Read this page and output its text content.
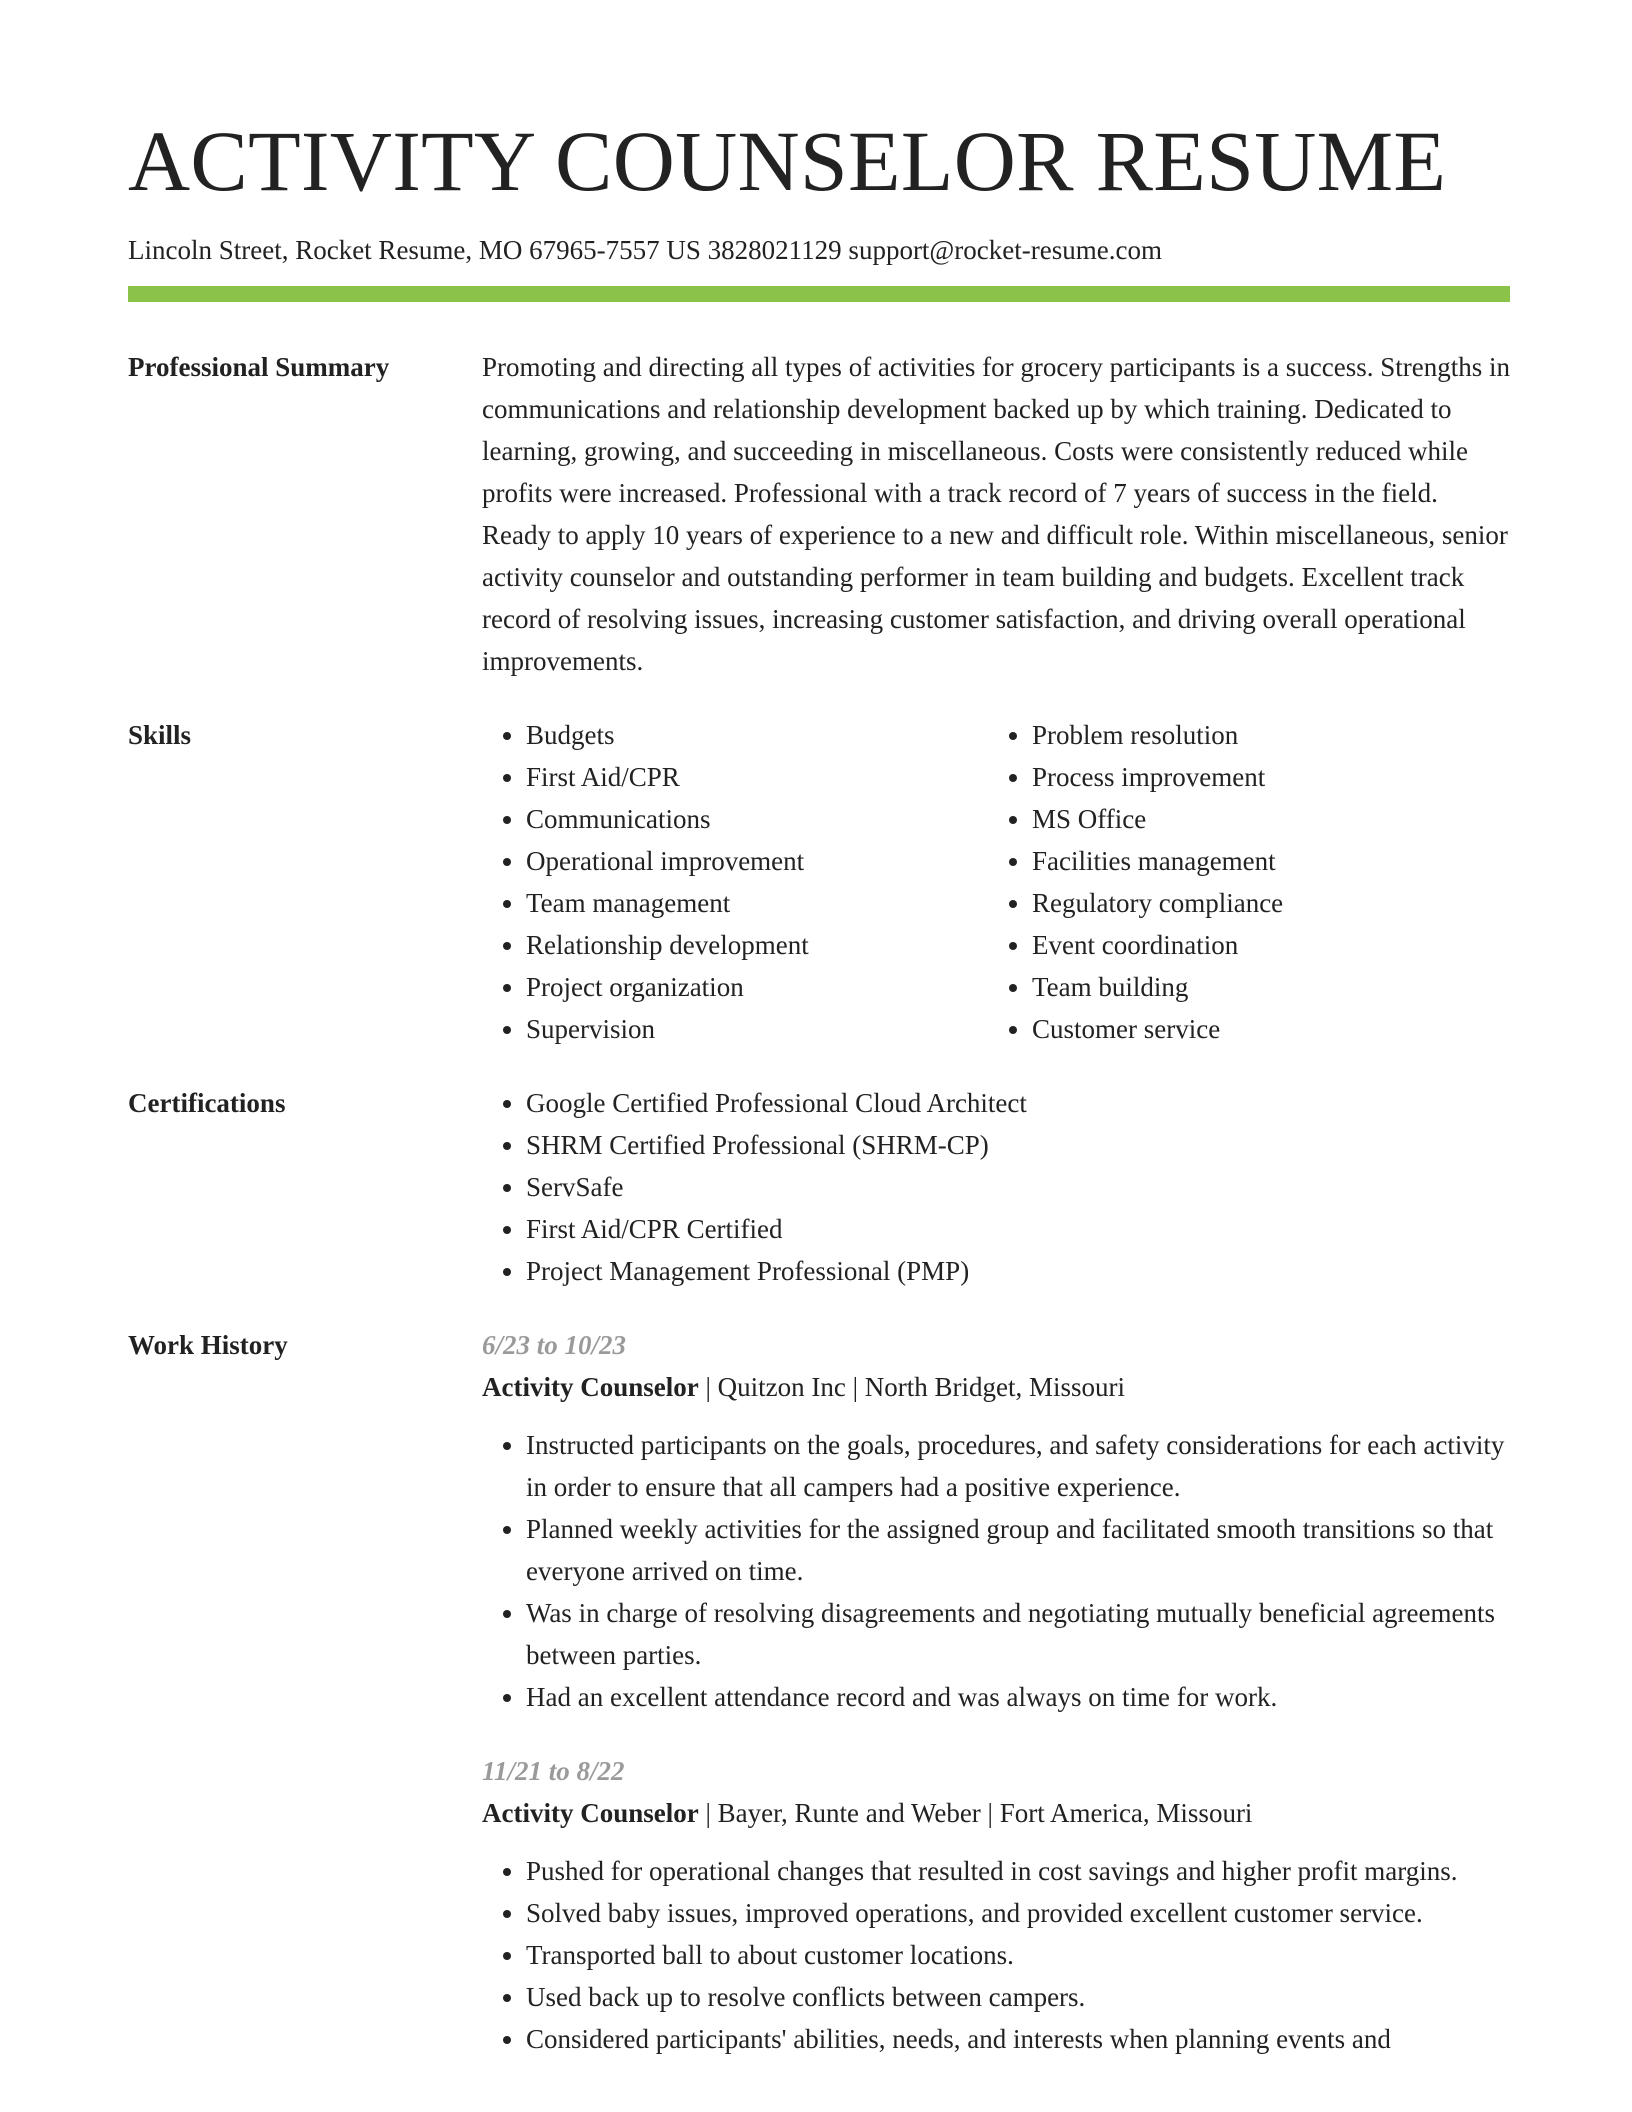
ACTIVITY COUNSELOR RESUME
Lincoln Street, Rocket Resume, MO 67965-7557 US 3828021129 support@rocket-resume.com
Professional Summary	Promoting and directing all types of activities for grocery participants is a success. Strengths in communications and relationship development backed up by which training. Dedicated to learning, growing, and succeeding in miscellaneous. Costs were consistently reduced while profits were increased. Professional with a track record of 7 years of success in the field. Ready to apply 10 years of experience to a new and difficult role. Within miscellaneous, senior activity counselor and outstanding performer in team building and budgets. Excellent track record of resolving issues, increasing customer satisfaction, and driving overall operational improvements.

Skills	• Budgets
• First Aid/CPR
• Communications
• Operational improvement
• Team management
• Relationship development
• Project organization
• Supervision
• Problem resolution
• Process improvement
• MS Office
• Facilities management
• Regulatory compliance
• Event coordination
• Team building
• Customer service
Certifications	• Google Certified Professional Cloud Architect
• SHRM Certified Professional (SHRM-CP)
• ServSafe
• First Aid/CPR Certified
• Project Management Professional (PMP)
Work History	6/23 to 10/23
Activity Counselor | Quitzon Inc | North Bridget, Missouri
• Instructed participants on the goals, procedures, and safety considerations for each activity in order to ensure that all campers had a positive experience.
• Planned weekly activities for the assigned group and facilitated smooth transitions so that everyone arrived on time.
• Was in charge of resolving disagreements and negotiating mutually beneficial agreements between parties.
• Had an excellent attendance record and was always on time for work.
11/21 to 8/22
Activity Counselor | Bayer, Runte and Weber | Fort America, Missouri
• Pushed for operational changes that resulted in cost savings and higher profit margins.
• Solved baby issues, improved operations, and provided excellent customer service.
• Transported ball to about customer locations.
• Used back up to resolve conflicts between campers.
• Considered participants' abilities, needs, and interests when planning events and
